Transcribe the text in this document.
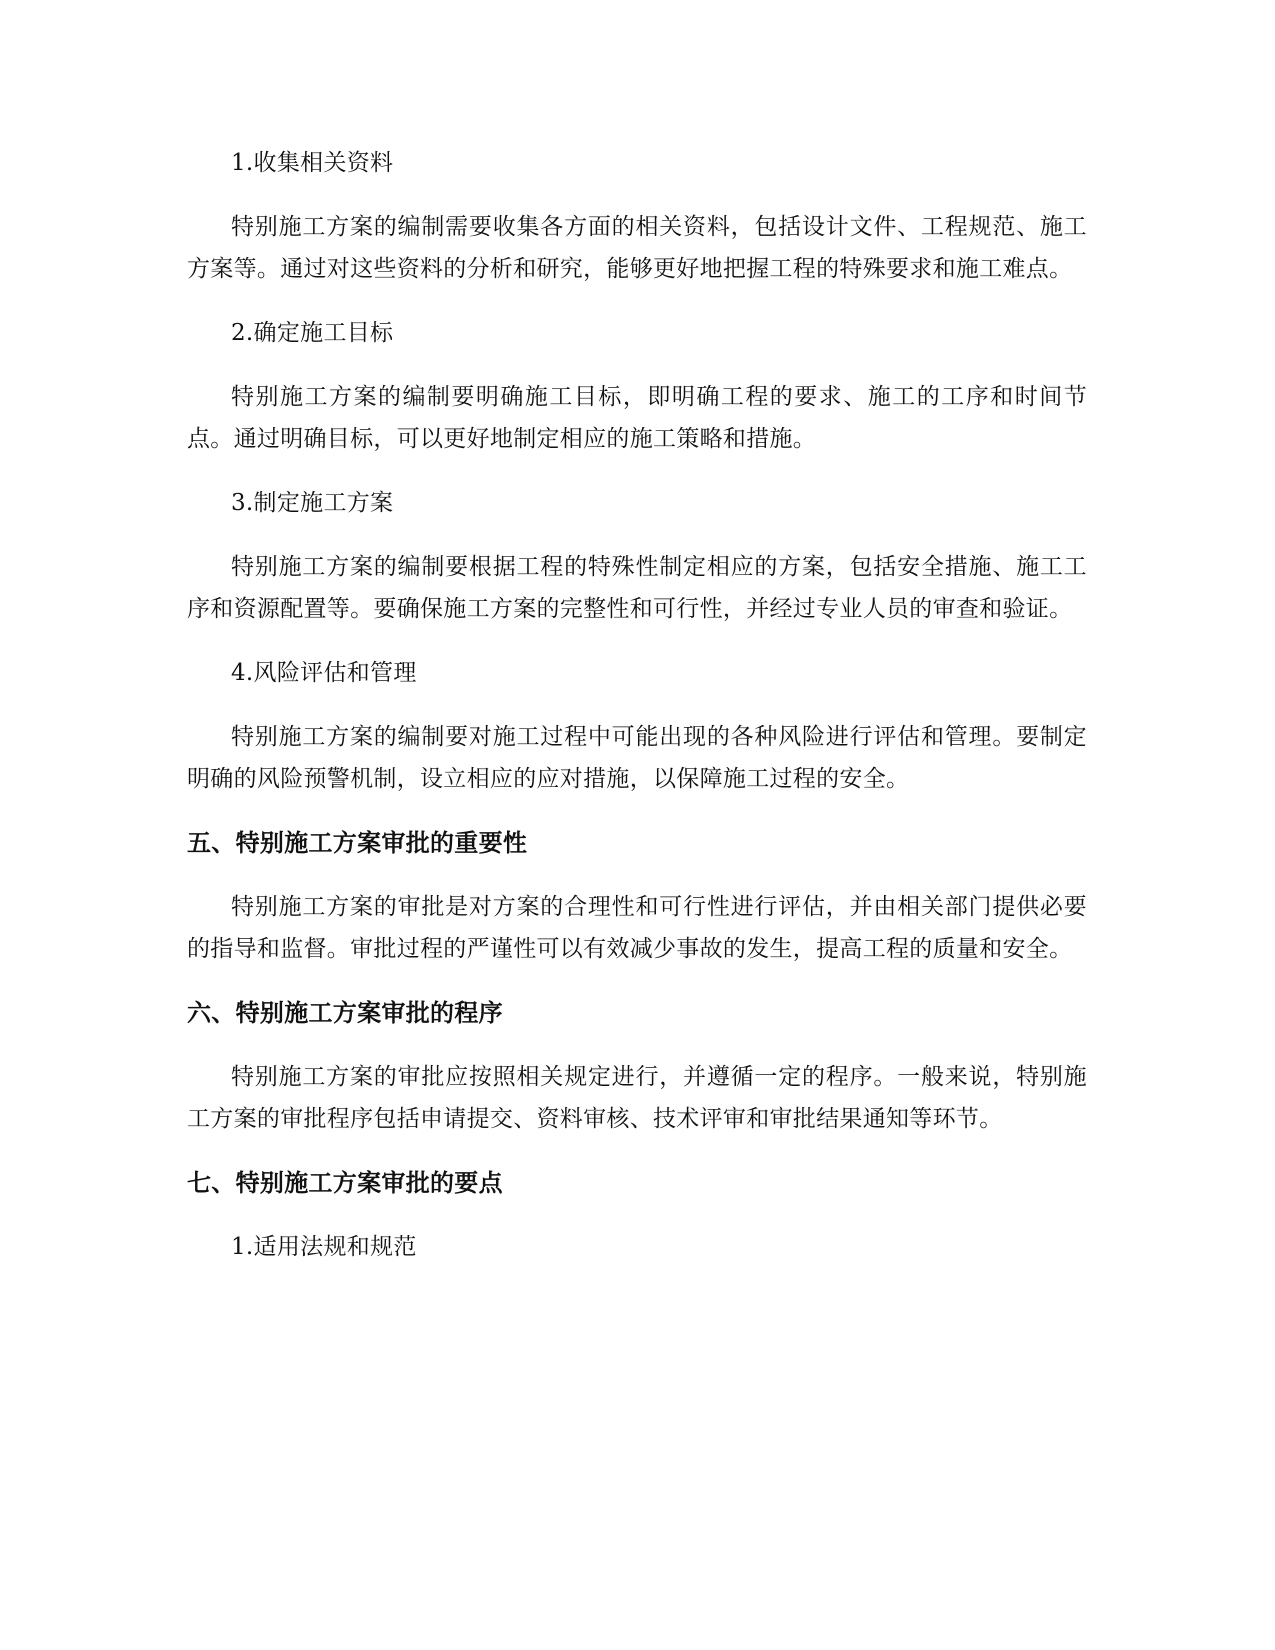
1.收集相关资料
特别施工方案的编制需要收集各方面的相关资料，包括设计文件、工程规范、施工方案等。通过对这些资料的分析和研究，能够更好地把握工程的特殊要求和施工难点。
2.确定施工目标
特别施工方案的编制要明确施工目标，即明确工程的要求、施工的工序和时间节点。通过明确目标，可以更好地制定相应的施工策略和措施。
3.制定施工方案
特别施工方案的编制要根据工程的特殊性制定相应的方案，包括安全措施、施工工序和资源配置等。要确保施工方案的完整性和可行性，并经过专业人员的审查和验证。
4.风险评估和管理
特别施工方案的编制要对施工过程中可能出现的各种风险进行评估和管理。要制定明确的风险预警机制，设立相应的应对措施，以保障施工过程的安全。
五、特别施工方案审批的重要性
特别施工方案的审批是对方案的合理性和可行性进行评估，并由相关部门提供必要的指导和监督。审批过程的严谨性可以有效减少事故的发生，提高工程的质量和安全。
六、特别施工方案审批的程序
特别施工方案的审批应按照相关规定进行，并遵循一定的程序。一般来说，特别施工方案的审批程序包括申请提交、资料审核、技术评审和审批结果通知等环节。
七、特别施工方案审批的要点
1.适用法规和规范
